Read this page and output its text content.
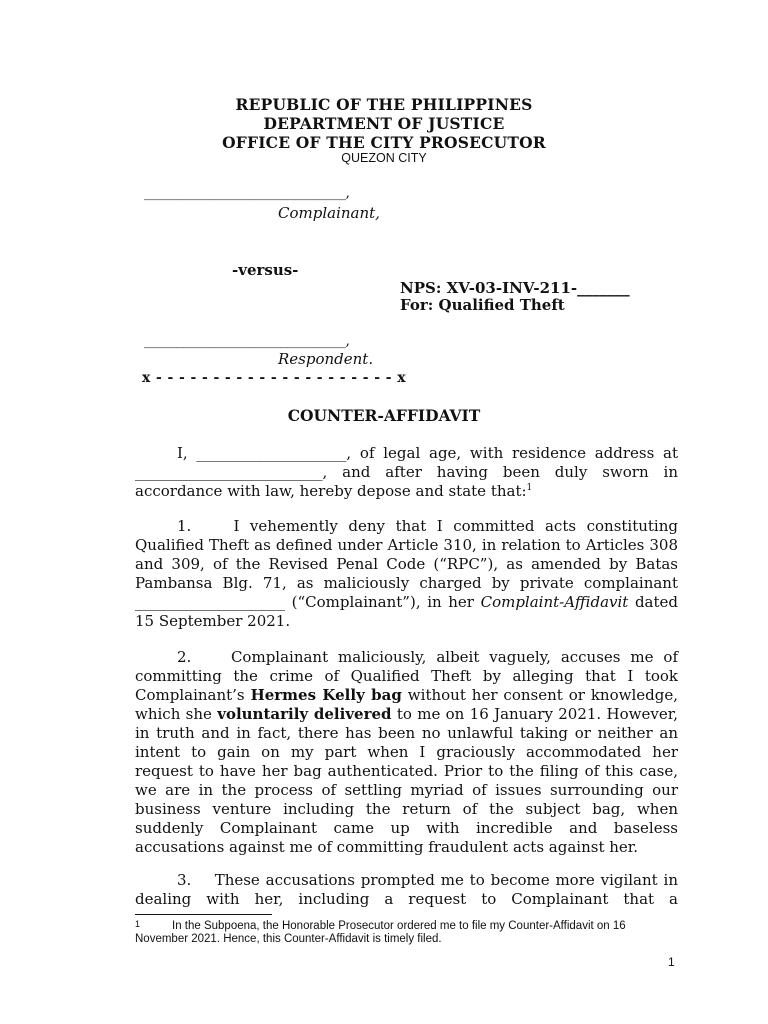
REPUBLIC OF THE PHILIPPINES
DEPARTMENT OF JUSTICE
OFFICE OF THE CITY PROSECUTOR
QUEZON CITY
_______________________________,
Complainant,
-versus-
NPS: XV-03-INV-211-_______
For: Qualified Theft
_______________________________,
Respondent.
x - - - - - - - - - - - - - - - - - - - - - x
COUNTER-AFFIDAVIT
I, ____________________, of legal age, with residence address at _________________________, and after having been duly sworn in accordance with law, hereby depose and state that:$^1$
1.    I vehemently deny that I committed acts constituting Qualified Theft as defined under Article 310, in relation to Articles 308 and 309, of the Revised Penal Code (“RPC”), as amended by Batas Pambansa Blg. 71, as maliciously charged by private complainant ____________________ (“Complainant”), in her Complaint-Affidavit dated 15 September 2021.
2.    Complainant maliciously, albeit vaguely, accuses me of committing the crime of Qualified Theft by alleging that I took Complainant’s Hermes Kelly bag without her consent or knowledge, which she voluntarily delivered to me on 16 January 2021. However, in truth and in fact, there has been no unlawful taking or neither an intent to gain on my part when I graciously accommodated her request to have her bag authenticated. Prior to the filing of this case, we are in the process of settling myriad of issues surrounding our business venture including the return of the subject bag, when suddenly Complainant came up with incredible and baseless accusations against me of committing fraudulent acts against her.
3.    These accusations prompted me to become more vigilant in dealing with her, including a request to Complainant that a
1	In the Subpoena, the Honorable Prosecutor ordered me to file my Counter-Affidavit on 16 November 2021. Hence, this Counter-Affidavit is timely filed.
1
